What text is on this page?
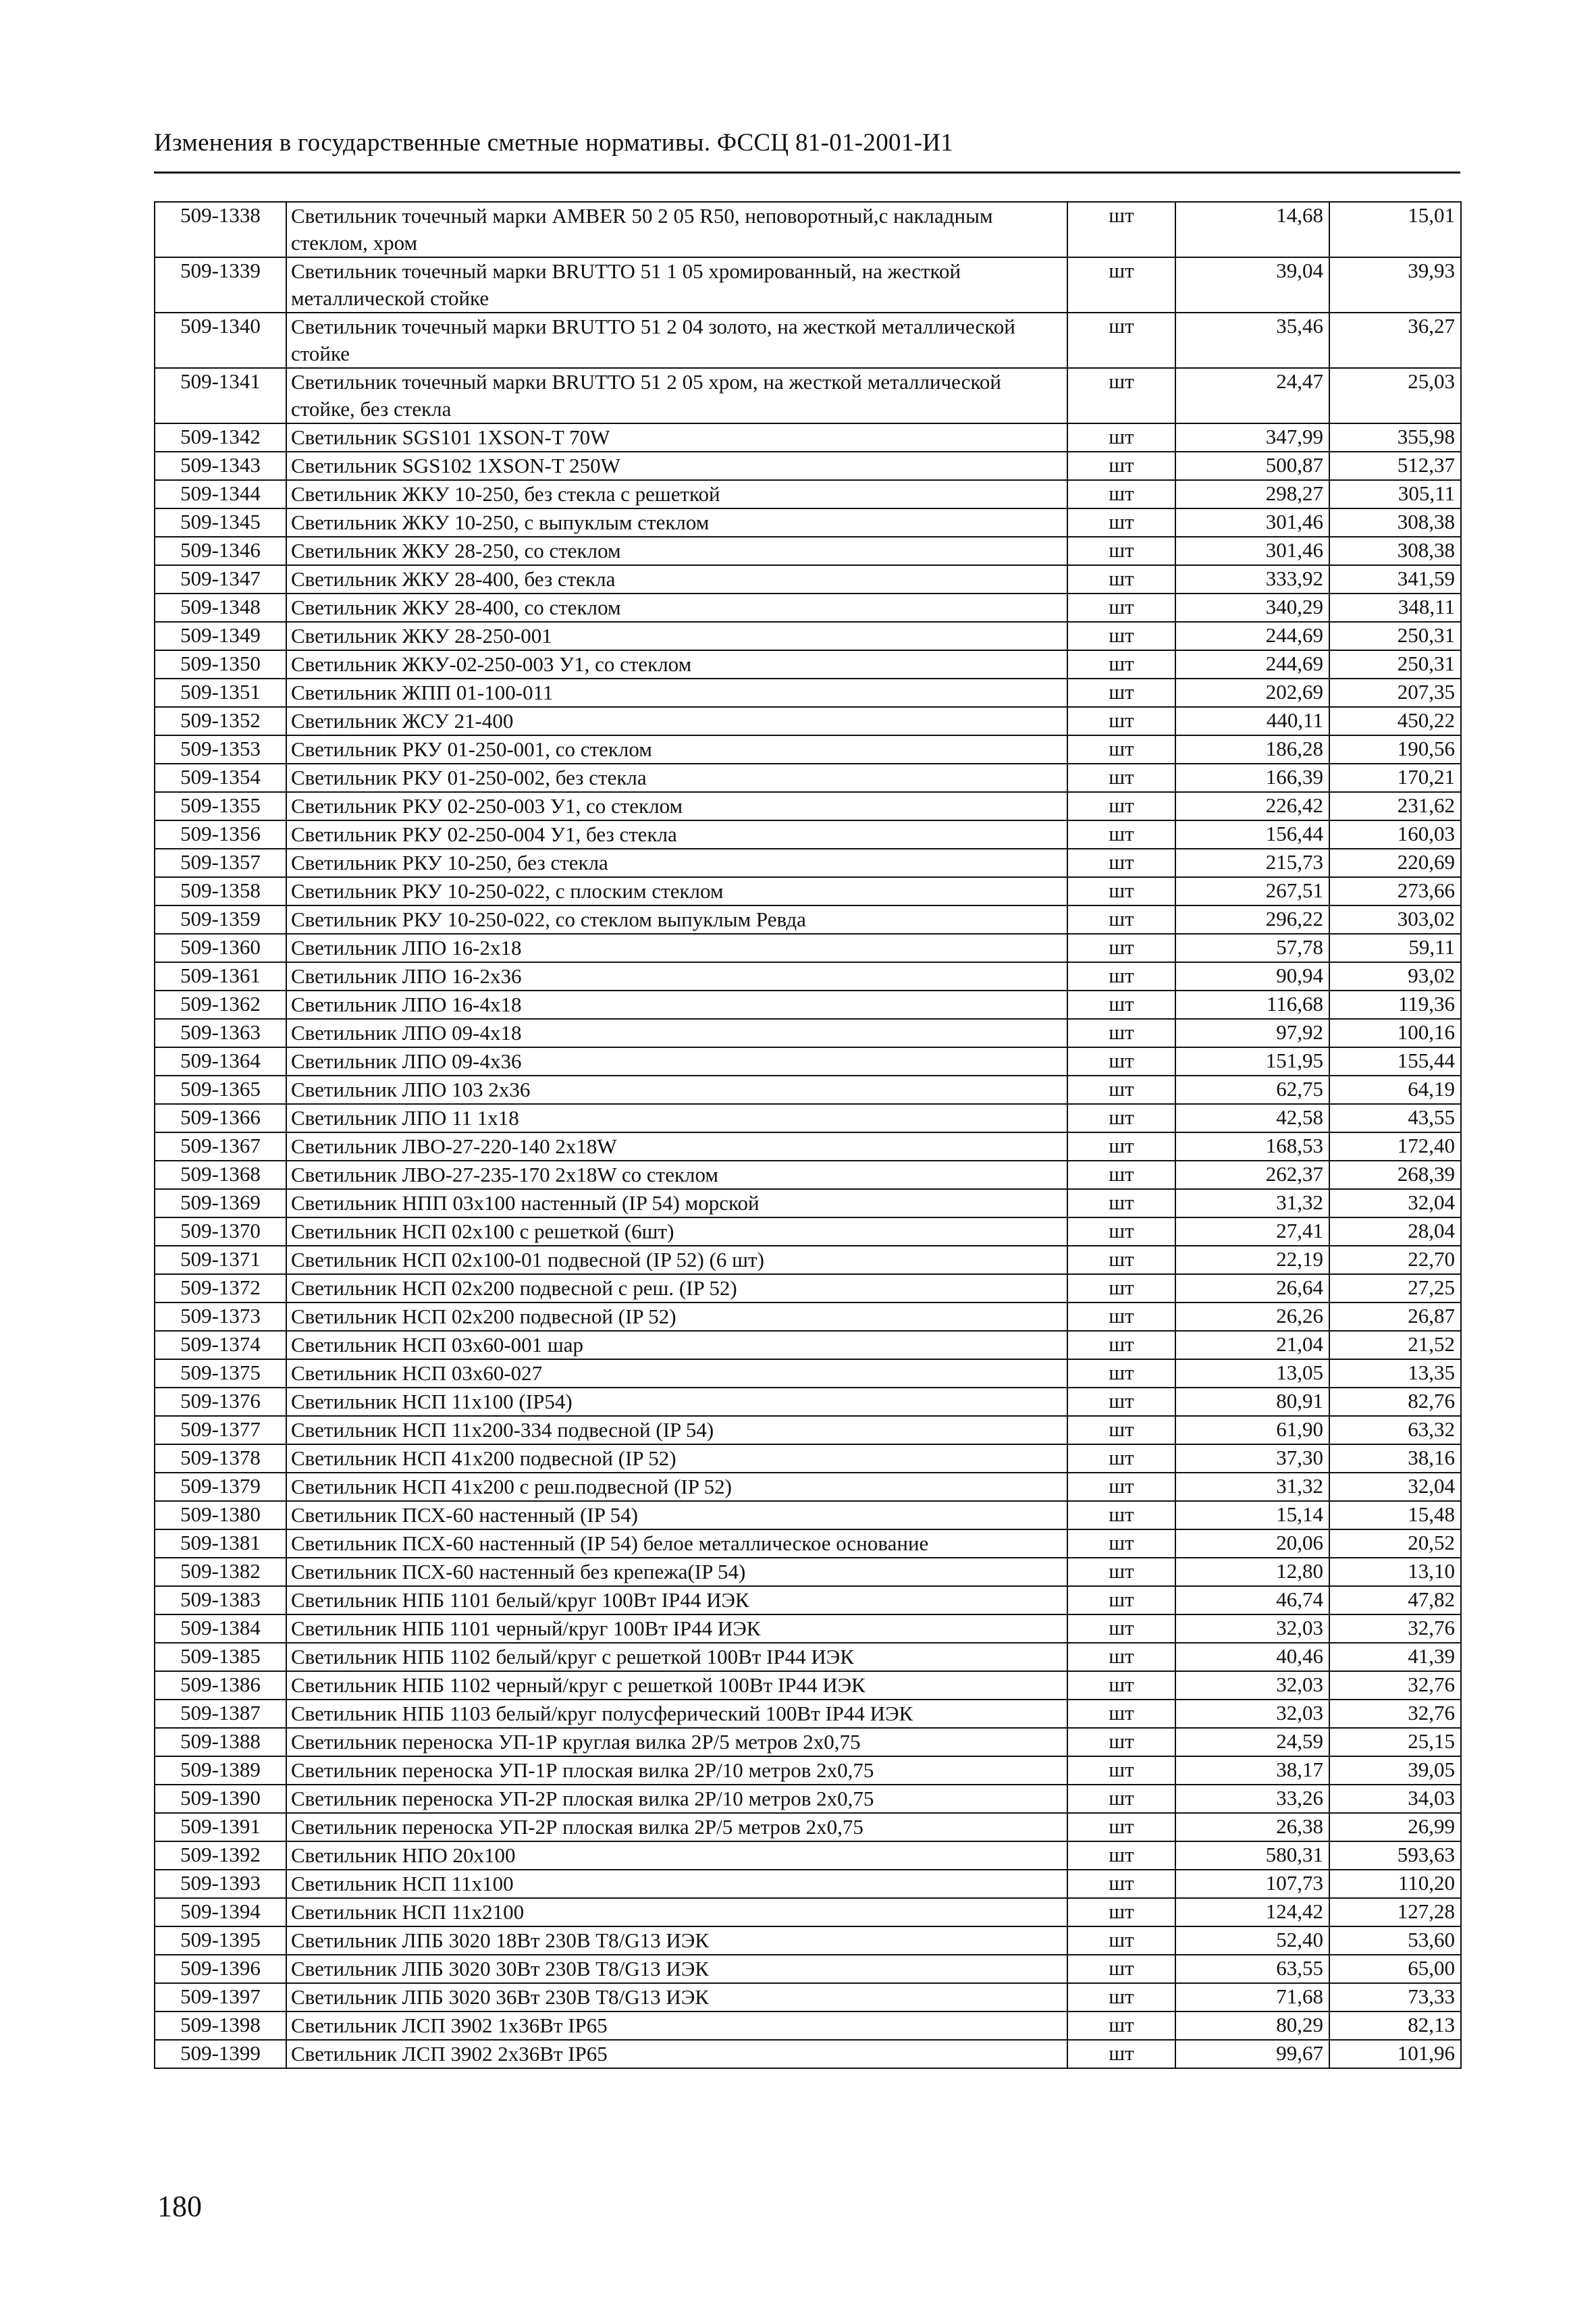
Изменения в государственные сметные нормативы. ФССЦ 81-01-2001-И1
509-1338	Светильник точечный марки AMBER 50 2 05 R50, неповоротный,с накладным стеклом, хром	шт	14,68	15,01
509-1339	Светильник точечный марки BRUTTO 51 1 05 хромированный, на жесткой металлической стойке	шт	39,04	39,93
509-1340	Светильник точечный марки BRUTTO 51 2 04 золото, на жесткой металлической стойке	шт	35,46	36,27
509-1341	Светильник точечный марки BRUTTO 51 2 05 хром, на жесткой металлической стойке, без стекла	шт	24,47	25,03
509-1342	Светильник SGS101 1XSON-T 70W	шт	347,99	355,98
509-1343	Светильник SGS102 1XSON-T 250W	шт	500,87	512,37
509-1344	Светильник ЖКУ 10-250, без стекла с решеткой	шт	298,27	305,11
509-1345	Светильник ЖКУ 10-250, с выпуклым стеклом	шт	301,46	308,38
509-1346	Светильник ЖКУ 28-250, со стеклом	шт	301,46	308,38
509-1347	Светильник ЖКУ 28-400, без стекла	шт	333,92	341,59
509-1348	Светильник ЖКУ 28-400, со стеклом	шт	340,29	348,11
509-1349	Светильник ЖКУ 28-250-001	шт	244,69	250,31
509-1350	Светильник ЖКУ-02-250-003 У1, со стеклом	шт	244,69	250,31
509-1351	Светильник ЖПП 01-100-011	шт	202,69	207,35
509-1352	Светильник ЖСУ 21-400	шт	440,11	450,22
509-1353	Светильник РКУ 01-250-001, со стеклом	шт	186,28	190,56
509-1354	Светильник РКУ 01-250-002, без стекла	шт	166,39	170,21
509-1355	Светильник РКУ 02-250-003 У1, со стеклом	шт	226,42	231,62
509-1356	Светильник РКУ 02-250-004 У1, без стекла	шт	156,44	160,03
509-1357	Светильник РКУ 10-250, без стекла	шт	215,73	220,69
509-1358	Светильник РКУ 10-250-022, с плоским стеклом	шт	267,51	273,66
509-1359	Светильник РКУ 10-250-022, со стеклом выпуклым Ревда	шт	296,22	303,02
509-1360	Светильник ЛПО 16-2х18	шт	57,78	59,11
509-1361	Светильник ЛПО 16-2х36	шт	90,94	93,02
509-1362	Светильник ЛПО 16-4х18	шт	116,68	119,36
509-1363	Светильник ЛПО 09-4х18	шт	97,92	100,16
509-1364	Светильник ЛПО 09-4х36	шт	151,95	155,44
509-1365	Светильник ЛПО 103 2х36	шт	62,75	64,19
509-1366	Светильник ЛПО 11 1х18	шт	42,58	43,55
509-1367	Светильник ЛВО-27-220-140 2х18W	шт	168,53	172,40
509-1368	Светильник ЛВО-27-235-170 2х18W со стеклом	шт	262,37	268,39
509-1369	Светильник НПП 03х100 настенный (IP 54) морской	шт	31,32	32,04
509-1370	Светильник НСП 02х100 с решеткой (6шт)	шт	27,41	28,04
509-1371	Светильник НСП 02х100-01 подвесной (IP 52) (6 шт)	шт	22,19	22,70
509-1372	Светильник НСП 02х200 подвесной с реш. (IP 52)	шт	26,64	27,25
509-1373	Светильник НСП 02х200 подвесной (IP 52)	шт	26,26	26,87
509-1374	Светильник НСП 03х60-001 шар	шт	21,04	21,52
509-1375	Светильник НСП 03х60-027	шт	13,05	13,35
509-1376	Светильник НСП 11х100 (IP54)	шт	80,91	82,76
509-1377	Светильник НСП 11х200-334 подвесной (IP 54)	шт	61,90	63,32
509-1378	Светильник НСП 41х200 подвесной (IP 52)	шт	37,30	38,16
509-1379	Светильник НСП 41х200 с реш.подвесной (IP 52)	шт	31,32	32,04
509-1380	Светильник ПСХ-60 настенный (IP 54)	шт	15,14	15,48
509-1381	Светильник ПСХ-60 настенный (IP 54) белое металлическое основание	шт	20,06	20,52
509-1382	Светильник ПСХ-60 настенный без крепежа(IP 54)	шт	12,80	13,10
509-1383	Светильник НПБ 1101 белый/круг 100Вт IP44 ИЭК	шт	46,74	47,82
509-1384	Светильник НПБ 1101 черный/круг 100Вт IP44 ИЭК	шт	32,03	32,76
509-1385	Светильник НПБ 1102 белый/круг с решеткой 100Вт IP44 ИЭК	шт	40,46	41,39
509-1386	Светильник НПБ 1102 черный/круг с решеткой 100Вт IP44 ИЭК	шт	32,03	32,76
509-1387	Светильник НПБ 1103 белый/круг полусферический 100Вт IP44 ИЭК	шт	32,03	32,76
509-1388	Светильник переноска УП-1Р круглая вилка 2Р/5 метров 2х0,75	шт	24,59	25,15
509-1389	Светильник переноска УП-1Р плоская вилка 2Р/10 метров 2х0,75	шт	38,17	39,05
509-1390	Светильник переноска УП-2Р плоская вилка 2Р/10 метров 2х0,75	шт	33,26	34,03
509-1391	Светильник переноска УП-2Р плоская вилка 2Р/5 метров 2х0,75	шт	26,38	26,99
509-1392	Светильник НПО 20х100	шт	580,31	593,63
509-1393	Светильник НСП 11х100	шт	107,73	110,20
509-1394	Светильник НСП 11х2100	шт	124,42	127,28
509-1395	Светильник ЛПБ 3020 18Вт 230В T8/G13 ИЭК	шт	52,40	53,60
509-1396	Светильник ЛПБ 3020 30Вт 230В T8/G13 ИЭК	шт	63,55	65,00
509-1397	Светильник ЛПБ 3020 36Вт 230В T8/G13 ИЭК	шт	71,68	73,33
509-1398	Светильник ЛСП 3902 1х36Вт IP65	шт	80,29	82,13
509-1399	Светильник ЛСП 3902 2х36Вт IP65	шт	99,67	101,96
180
